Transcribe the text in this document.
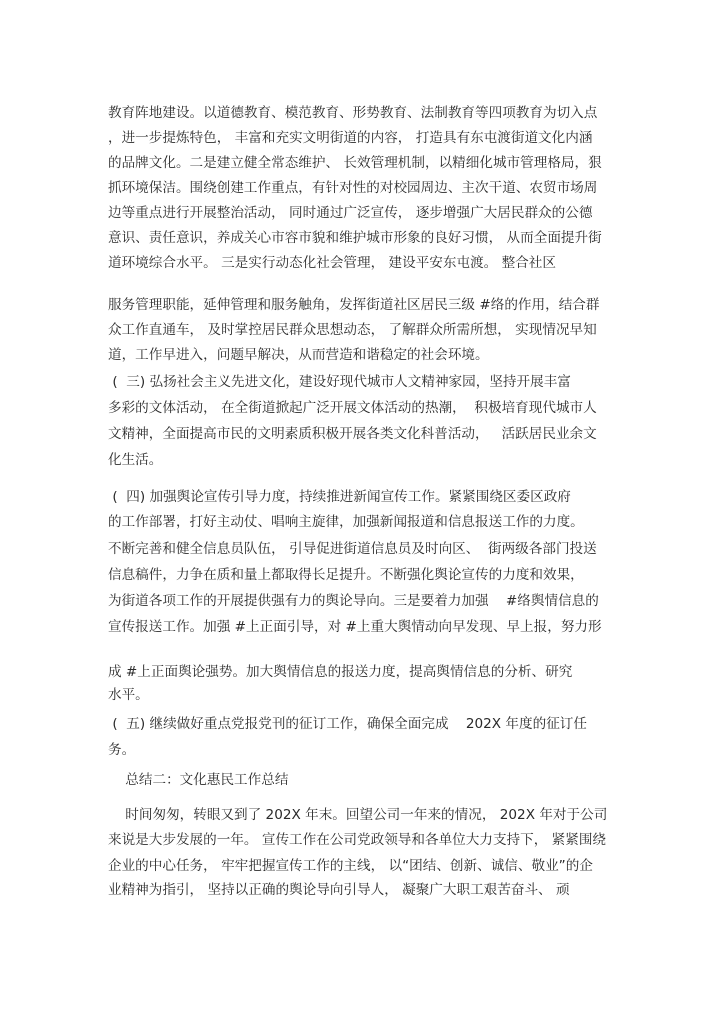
教育阵地建设。以道德教育、模范教育、形势教育、法制教育等四项教育为切入点
，进一步提炼特色， 丰富和充实文明街道的内容， 打造具有东屯渡街道文化内涵
的品牌文化。二是建立健全常态维护、 长效管理机制，以精细化城市管理格局，狠
抓环境保洁。围绕创建工作重点，有针对性的对校园周边、主次干道、农贸市场周
边等重点进行开展整治活动， 同时通过广泛宣传， 逐步增强广大居民群众的公德
意识、责任意识，养成关心市容市貌和维护城市形象的良好习惯， 从而全面提升街
道环境综合水平。 三是实行动态化社会管理， 建设平安东屯渡。 整合社区
服务管理职能，延伸管理和服务触角，发挥街道社区居民三级 #络的作用，结合群
众工作直通车， 及时掌控居民群众思想动态， 了解群众所需所想， 实现情况早知
道，工作早进入，问题早解决，从而营造和谐稳定的社会环境。
(  三) 弘扬社会主义先进文化，建设好现代城市人文精神家园，坚持开展丰富
多彩的文体活动， 在全街道掀起广泛开展文体活动的热潮，  积极培育现代城市人
文精神，全面提高市民的文明素质积极开展各类文化科普活动，   活跃居民业余文
化生活。
(  四) 加强舆论宣传引导力度，持续推进新闻宣传工作。紧紧围绕区委区政府
的工作部署，打好主动仗、唱响主旋律，加强新闻报道和信息报送工作的力度。
不断完善和健全信息员队伍， 引导促进街道信息员及时向区、  街两级各部门投送
信息稿件，力争在质和量上都取得长足提升。不断强化舆论宣传的力度和效果，
为街道各项工作的开展提供强有力的舆论导向。三是要着力加强    #络舆情信息的
宣传报送工作。加强 #上正面引导，对 #上重大舆情动向早发现、早上报，努力形
成 #上正面舆论强势。加大舆情信息的报送力度，提高舆情信息的分析、研究
水平。
(  五) 继续做好重点党报党刊的征订工作，确保全面完成    202X 年度的征订任
务。
总结二：文化惠民工作总结
时间匆匆，转眼又到了 202X 年末。回望公司一年来的情况， 202X 年对于公司
来说是大步发展的一年。 宣传工作在公司党政领导和各单位大力支持下， 紧紧围绕
企业的中心任务， 牢牢把握宣传工作的主线， 以“团结、创新、诚信、敬业”的企
业精神为指引， 坚持以正确的舆论导向引导人， 凝聚广大职工艰苦奋斗、 顽
